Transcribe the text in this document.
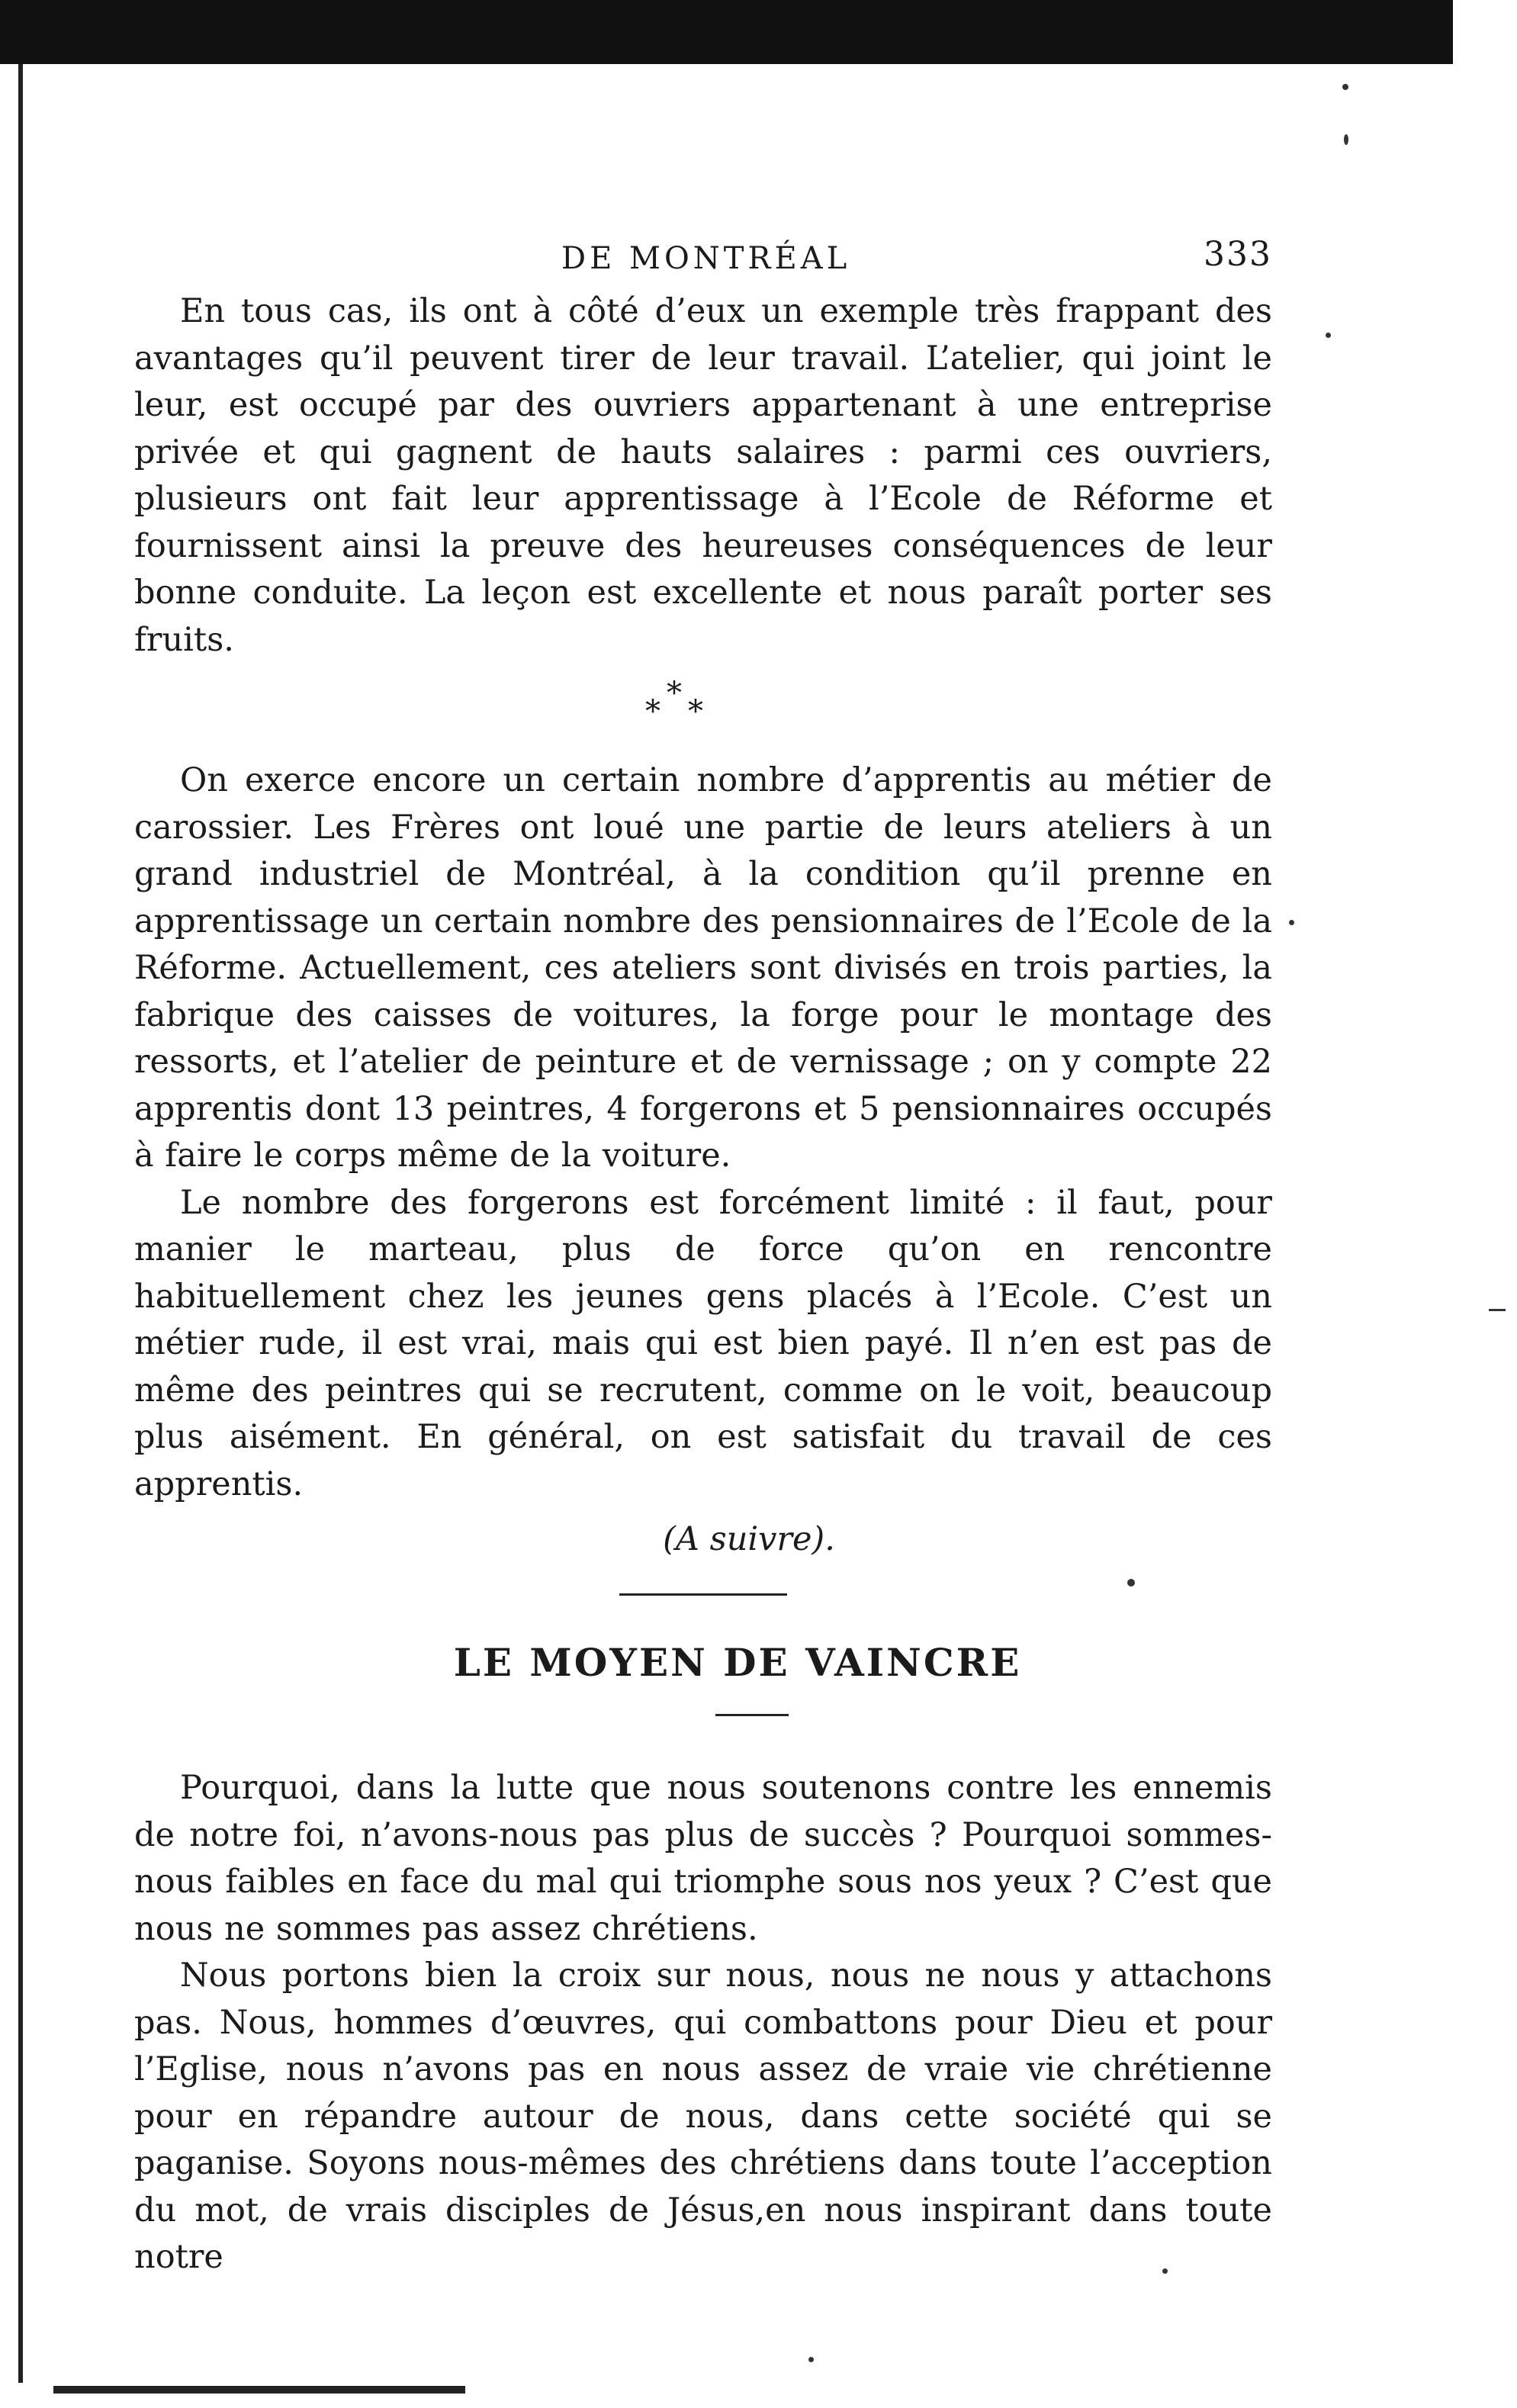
DE MONTRÉAL	333

En tous cas, ils ont à côté d’eux un exemple très frappant des avantages qu’il peuvent tirer de leur travail. L’atelier, qui joint le leur, est occupé par des ouvriers appartenant à une entreprise privée et qui gagnent de hauts salaires : parmi ces ouvriers, plusieurs ont fait leur apprentissage à l’Ecole de Réforme et fournissent ainsi la preuve des heureuses conséquences de leur bonne conduite. La leçon est excellente et nous paraît porter ses fruits.

*
* *

On exerce encore un certain nombre d’apprentis au métier de carossier. Les Frères ont loué une partie de leurs ateliers à un grand industriel de Montréal, à la condition qu’il prenne en apprentissage un certain nombre des pensionnaires de l’Ecole de la Réforme. Actuellement, ces ateliers sont divisés en trois parties, la fabrique des caisses de voitures, la forge pour le montage des ressorts, et l’atelier de peinture et de vernissage ; on y compte 22 apprentis dont 13 peintres, 4 forgerons et 5 pensionnaires occupés à faire le corps même de la voiture.

Le nombre des forgerons est forcément limité : il faut, pour manier le marteau, plus de force qu’on en rencontre habituellement chez les jeunes gens placés à l’Ecole. C’est un métier rude, il est vrai, mais qui est bien payé. Il n’en est pas de même des peintres qui se recrutent, comme on le voit, beaucoup plus aisément. En général, on est satisfait du travail de ces apprentis.

(A suivre).

LE MOYEN DE VAINCRE

Pourquoi, dans la lutte que nous soutenons contre les ennemis de notre foi, n’avons-nous pas plus de succès ? Pourquoi sommes-nous faibles en face du mal qui triomphe sous nos yeux ? C’est que nous ne sommes pas assez chrétiens.

Nous portons bien la croix sur nous, nous ne nous y attachons pas. Nous, hommes d’œuvres, qui combattons pour Dieu et pour l’Eglise, nous n’avons pas en nous assez de vraie vie chrétienne pour en répandre autour de nous, dans cette société qui se paganise. Soyons nous-mêmes des chrétiens dans toute l’acception du mot, de vrais disciples de Jésus,en nous inspirant dans toute notre
